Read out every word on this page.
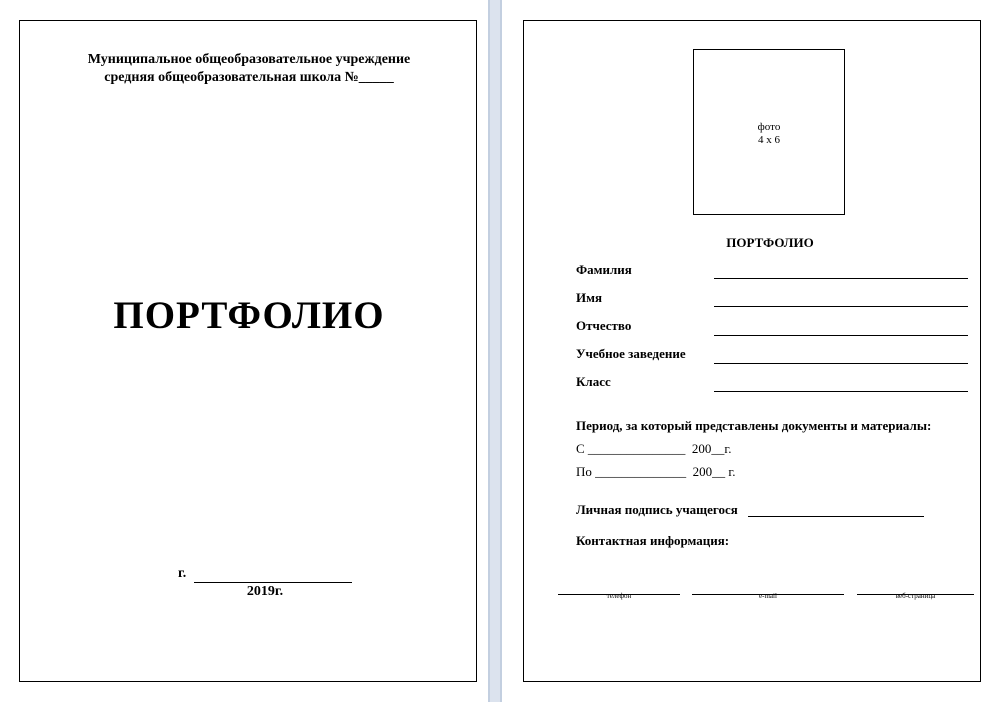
Муниципальное общеобразовательное учреждение
средняя общеобразовательная школа №_____
ПОРТФОЛИО
г.
2019г.
фото
4 х 6
ПОРТФОЛИО
Фамилия
Имя
Отчество
Учебное заведение
Класс
Период, за который представлены документы и материалы:
С _______________  200__г.
По ______________  200__ г.
Личная подпись учащегося
Контактная информация:
телефон	e-mail	веб-страница
